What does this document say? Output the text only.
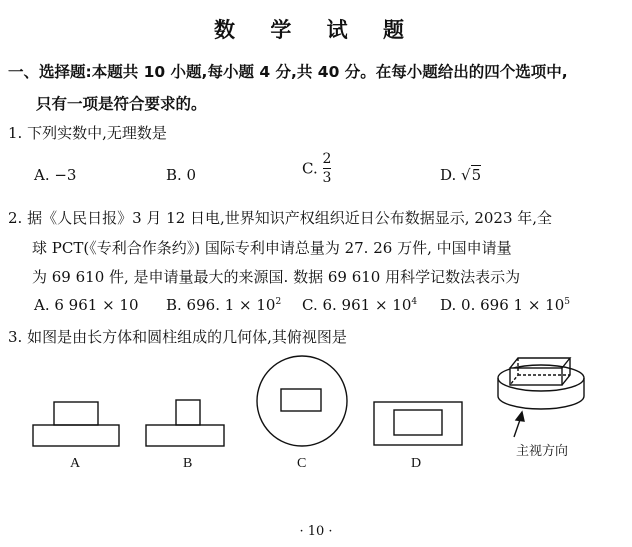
数 学 试 题
一、选择题:本题共 10 小题,每小题 4 分,共 40 分。在每小题给出的四个选项中,
只有一项是符合要求的。
1. 下列实数中,无理数是
A. −3	B. 0	C. $\frac{2}{3}$	D. √5
2. 据《人民日报》3 月 12 日电,世界知识产权组织近日公布数据显示, 2023 年,全
球 PCT(《专利合作条约》) 国际专利申请总量为 27. 26 万件, 中国申请量
为 69 610 件, 是申请量最大的来源国. 数据 69 610 用科学记数法表示为
A. 6 961 × 10 B. 696. $1 \times 10^2$ C. 6. $961 \times 10^4$ D. 0. 696 $1 \times 10^5$
3. 如图是由长方体和圆柱组成的几何体,其俯视图是
A	B	C	D
主视方向
· 10 ·
